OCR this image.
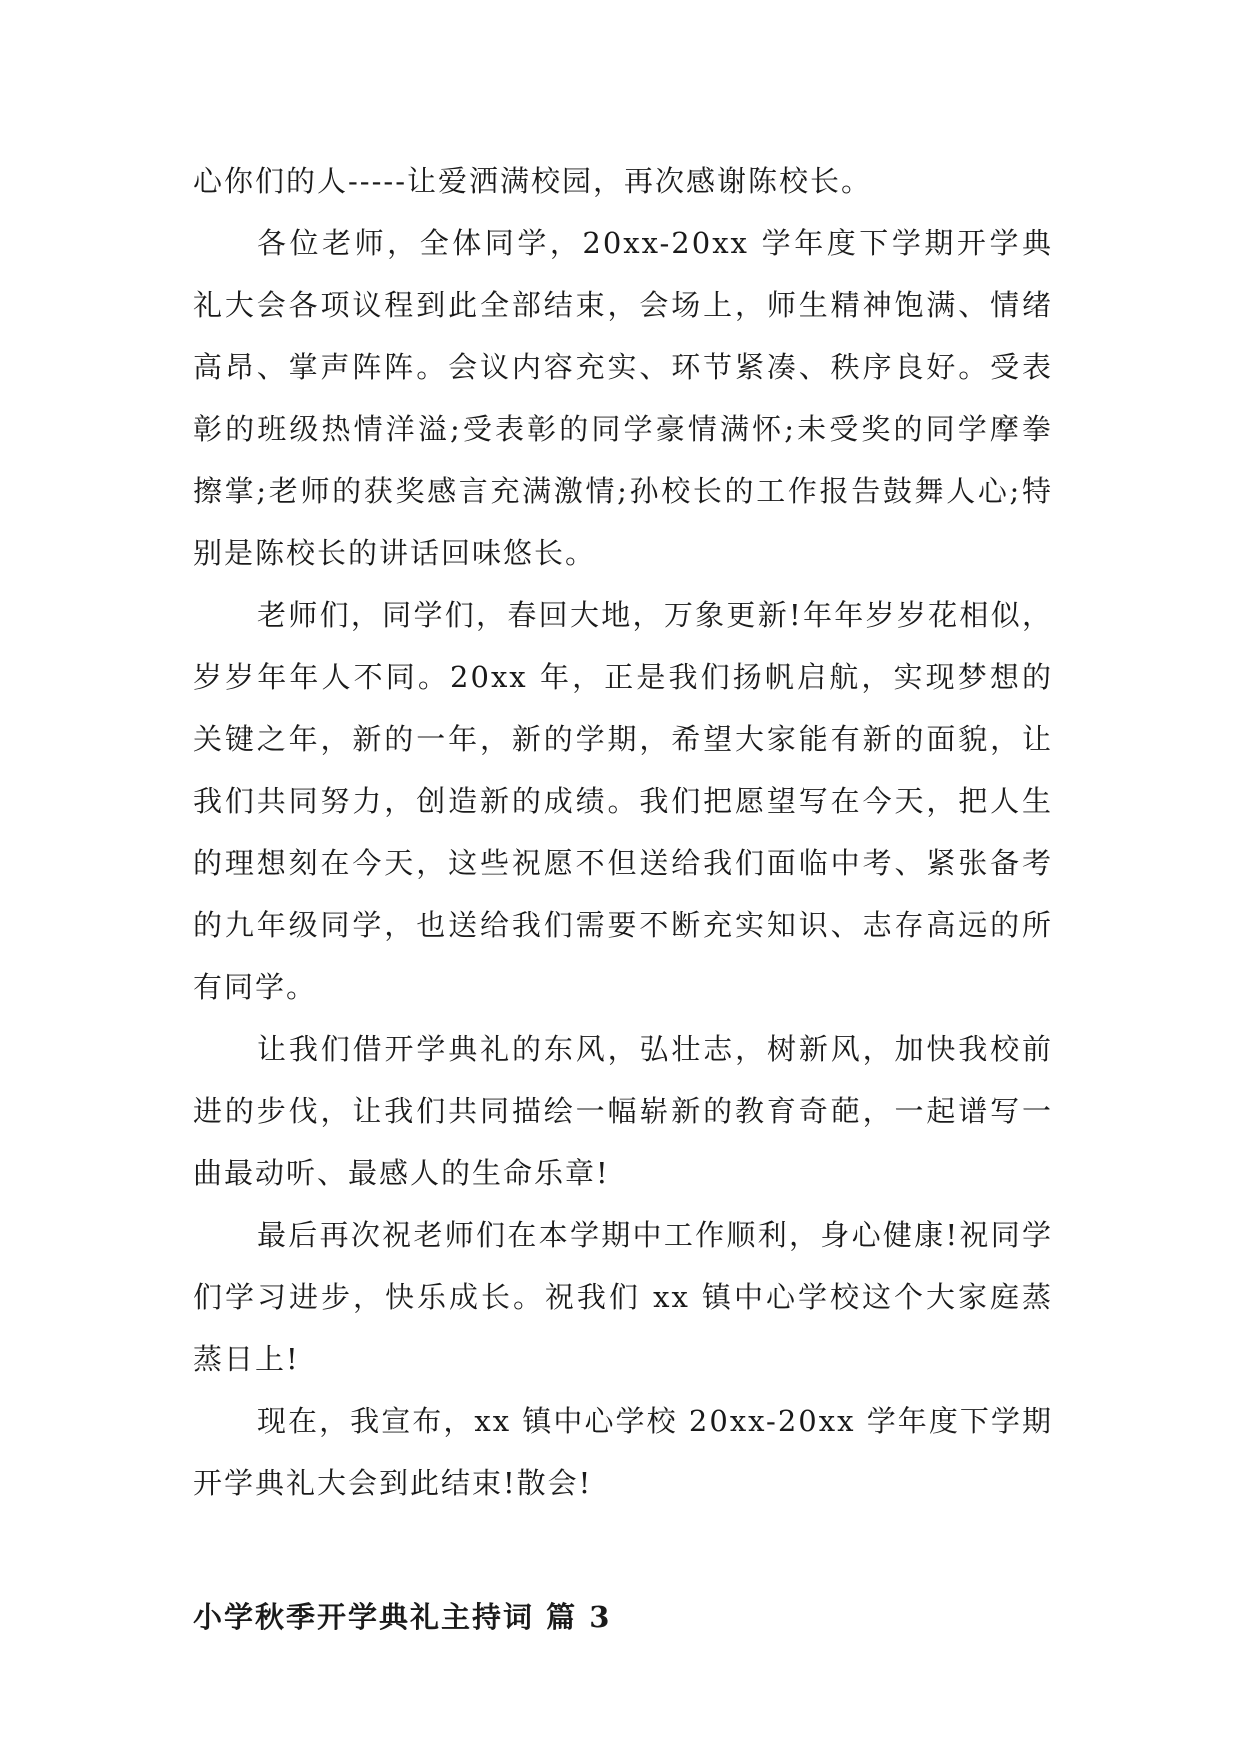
心你们的人-----让爱洒满校园，再次感谢陈校长。

各位老师，全体同学，20xx-20xx 学年度下学期开学典礼大会各项议程到此全部结束，会场上，师生精神饱满、情绪高昂、掌声阵阵。会议内容充实、环节紧凑、秩序良好。受表彰的班级热情洋溢;受表彰的同学豪情满怀;未受奖的同学摩拳擦掌;老师的获奖感言充满激情;孙校长的工作报告鼓舞人心;特别是陈校长的讲话回味悠长。

老师们，同学们，春回大地，万象更新!年年岁岁花相似，岁岁年年人不同。20xx 年，正是我们扬帆启航，实现梦想的关键之年，新的一年，新的学期，希望大家能有新的面貌，让我们共同努力，创造新的成绩。我们把愿望写在今天，把人生的理想刻在今天，这些祝愿不但送给我们面临中考、紧张备考的九年级同学，也送给我们需要不断充实知识、志存高远的所有同学。

让我们借开学典礼的东风，弘壮志，树新风，加快我校前进的步伐，让我们共同描绘一幅崭新的教育奇葩，一起谱写一曲最动听、最感人的生命乐章!

最后再次祝老师们在本学期中工作顺利，身心健康!祝同学们学习进步，快乐成长。祝我们 xx 镇中心学校这个大家庭蒸蒸日上!

现在，我宣布，xx 镇中心学校 20xx-20xx 学年度下学期开学典礼大会到此结束!散会!

小学秋季开学典礼主持词 篇 3
